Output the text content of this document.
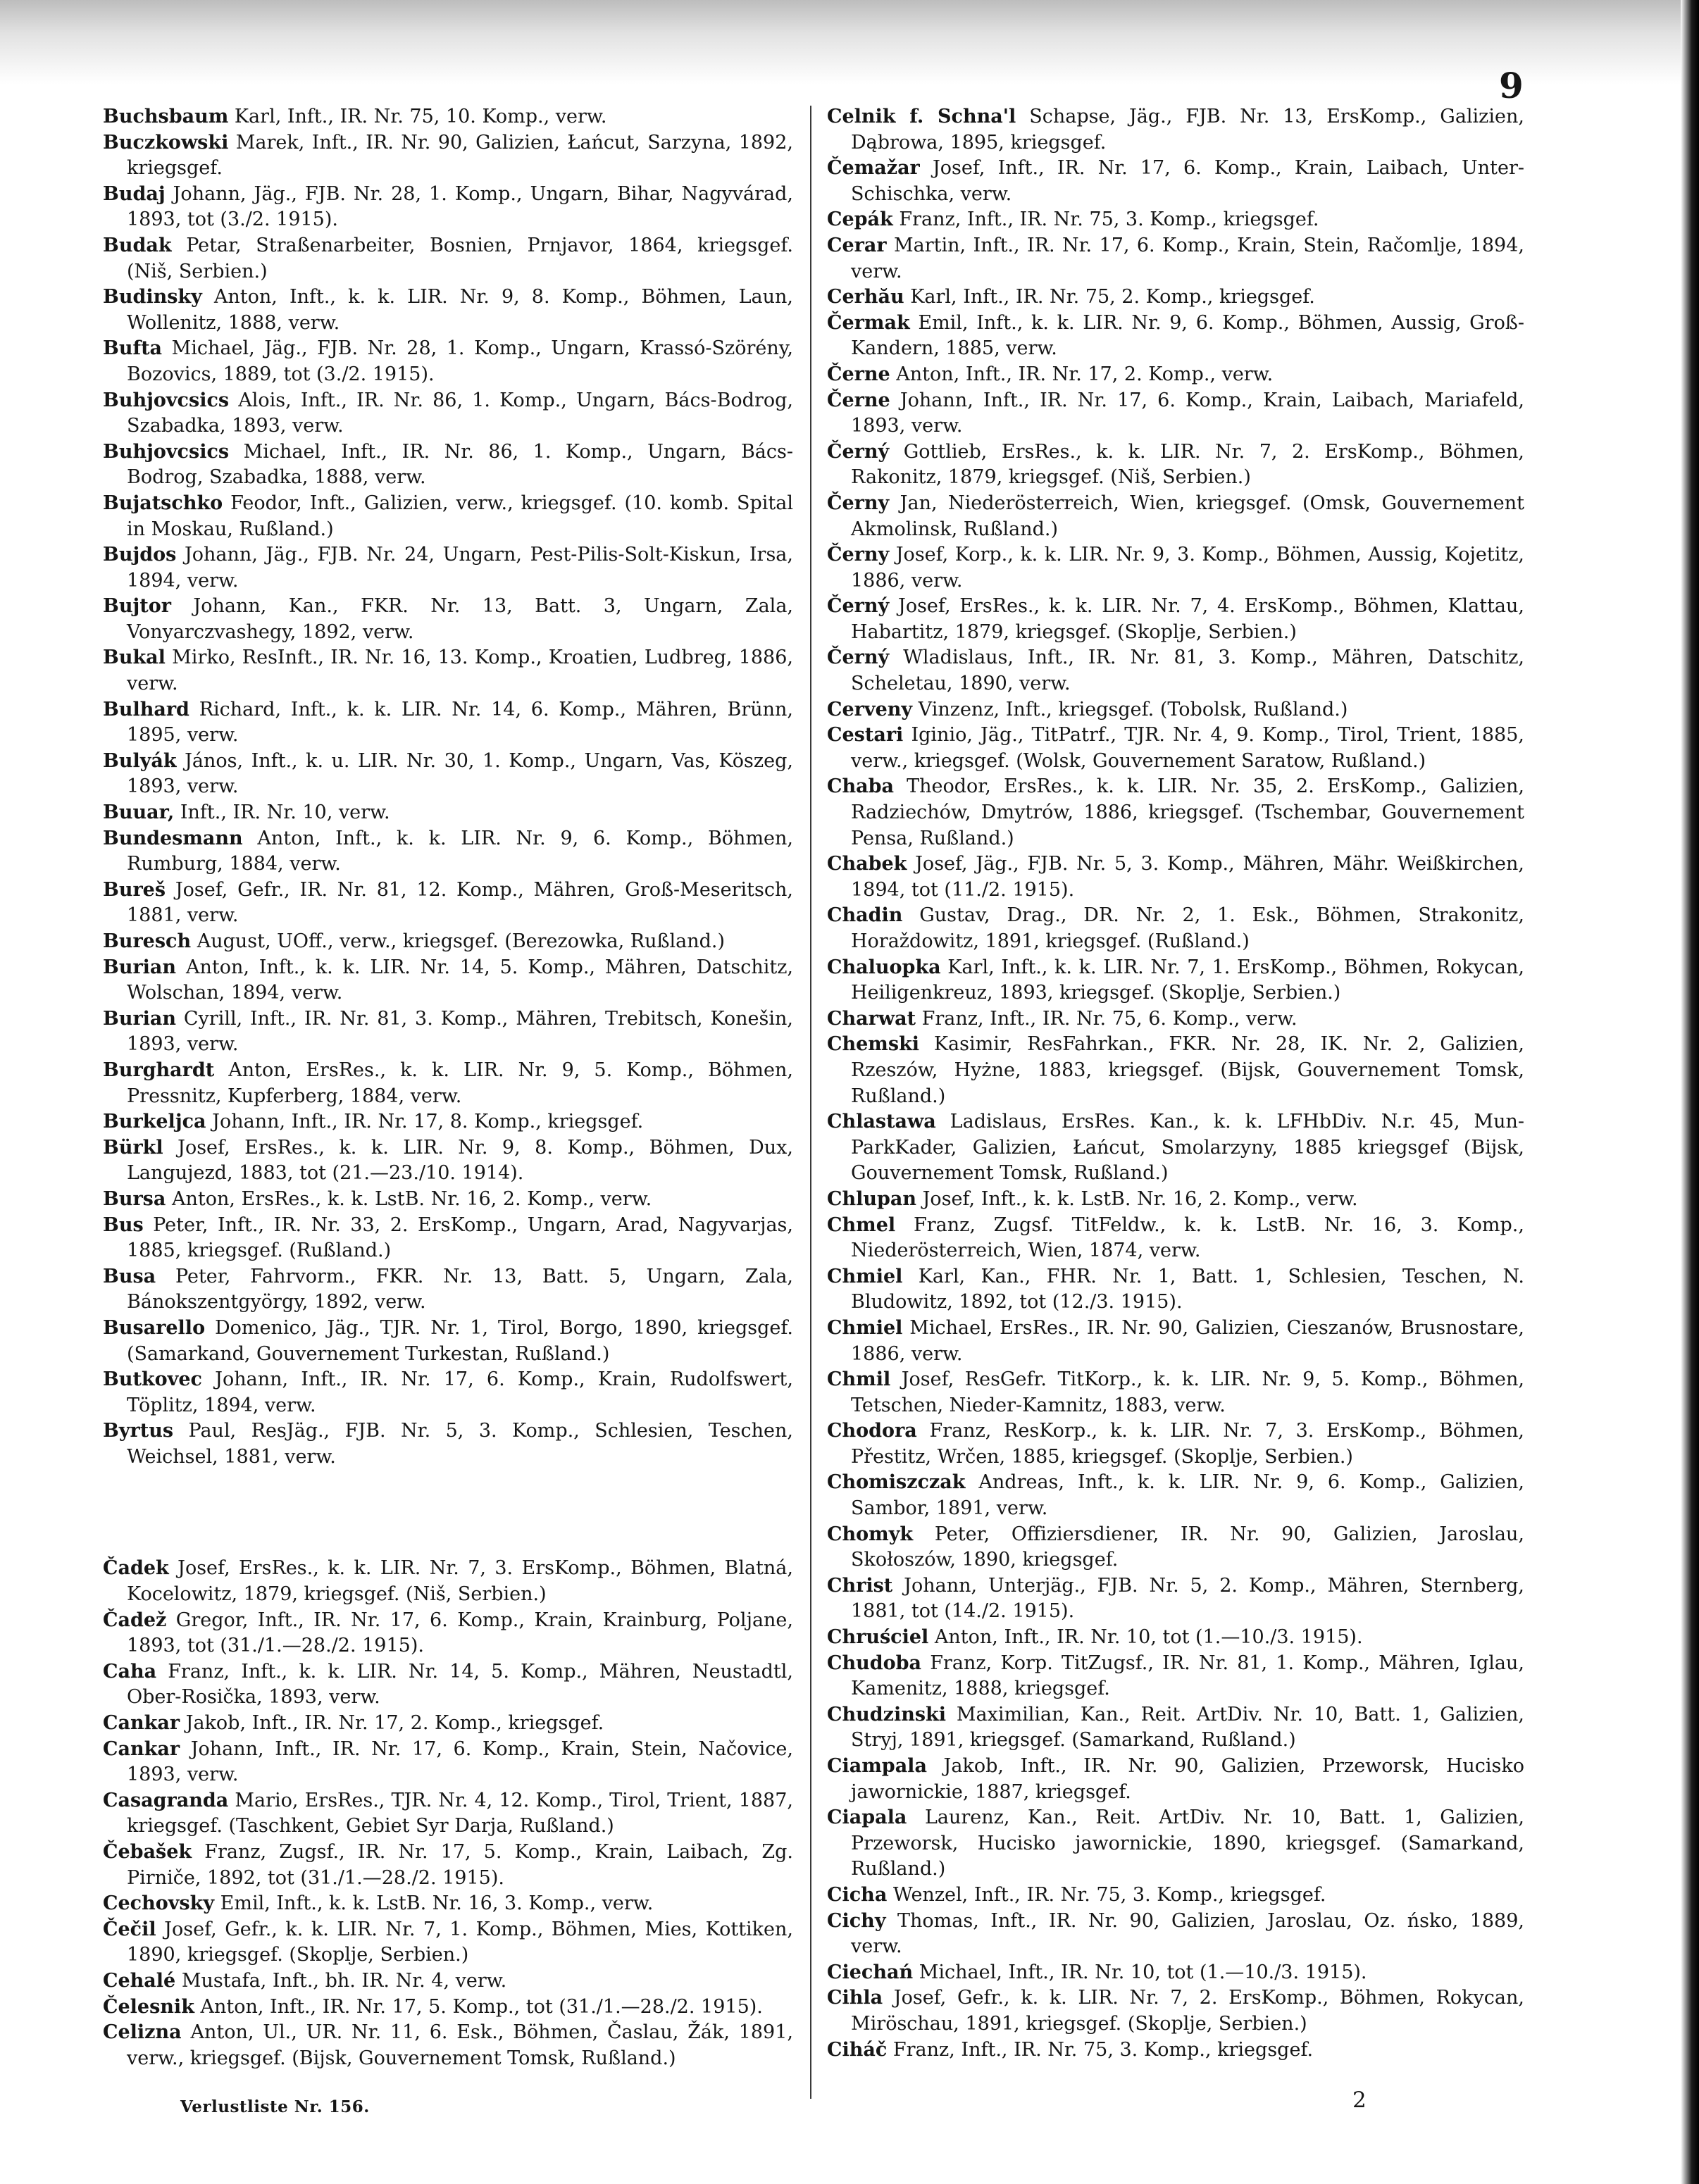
9

Buchsbaum Karl, Inft., IR. Nr. 75, 10. Komp., verw.

Buczkowski Marek, Inft., IR. Nr. 90, Galizien, Łańcut, Sarzyna, 1892, kriegsgef.

Budaj Johann, Jäg., FJB. Nr. 28, 1. Komp., Ungarn, Bihar, Nagyvárad, 1893, tot (3./2. 1915).

Budak Petar, Straßenarbeiter, Bosnien, Prnjavor, 1864, kriegsgef. (Niš, Serbien.)

Budinsky Anton, Inft., k. k. LIR. Nr. 9, 8. Komp., Böhmen, Laun, Wollenitz, 1888, verw.

Bufta Michael, Jäg., FJB. Nr. 28, 1. Komp., Ungarn, Krassó-Szörény, Bozovics, 1889, tot (3./2. 1915).

Buhjovcsics Alois, Inft., IR. Nr. 86, 1. Komp., Ungarn, Bács-Bodrog, Szabadka, 1893, verw.

Buhjovcsics Michael, Inft., IR. Nr. 86, 1. Komp., Ungarn, Bács-Bodrog, Szabadka, 1888, verw.

Bujatschko Feodor, Inft., Galizien, verw., kriegsgef. (10. komb. Spital in Moskau, Rußland.)

Bujdos Johann, Jäg., FJB. Nr. 24, Ungarn, Pest-Pilis-Solt-Kiskun, Irsa, 1894, verw.

Bujtor Johann, Kan., FKR. Nr. 13, Batt. 3, Ungarn, Zala, Vonyarczvashegy, 1892, verw.

Bukal Mirko, ResInft., IR. Nr. 16, 13. Komp., Kroatien, Ludbreg, 1886, verw.

Bulhard Richard, Inft., k. k. LIR. Nr. 14, 6. Komp., Mähren, Brünn, 1895, verw.

Bulyák János, Inft., k. u. LIR. Nr. 30, 1. Komp., Ungarn, Vas, Köszeg, 1893, verw.

Buuar, Inft., IR. Nr. 10, verw.

Bundesmann Anton, Inft., k. k. LIR. Nr. 9, 6. Komp., Böhmen, Rumburg, 1884, verw.

Bureš Josef, Gefr., IR. Nr. 81, 12. Komp., Mähren, Groß-Meseritsch, 1881, verw.

Buresch August, UOff., verw., kriegsgef. (Berezowka, Rußland.)

Burian Anton, Inft., k. k. LIR. Nr. 14, 5. Komp., Mähren, Datschitz, Wolschan, 1894, verw.

Burian Cyrill, Inft., IR. Nr. 81, 3. Komp., Mähren, Trebitsch, Konešin, 1893, verw.

Burghardt Anton, ErsRes., k. k. LIR. Nr. 9, 5. Komp., Böhmen, Pressnitz, Kupferberg, 1884, verw.

Burkeljca Johann, Inft., IR. Nr. 17, 8. Komp., kriegsgef.

Bürkl Josef, ErsRes., k. k. LIR. Nr. 9, 8. Komp., Böhmen, Dux, Langujezd, 1883, tot (21.—23./10. 1914).

Bursa Anton, ErsRes., k. k. LstB. Nr. 16, 2. Komp., verw.

Bus Peter, Inft., IR. Nr. 33, 2. ErsKomp., Ungarn, Arad, Nagyvarjas, 1885, kriegsgef. (Rußland.)

Busa Peter, Fahrvorm., FKR. Nr. 13, Batt. 5, Ungarn, Zala, Bánokszentgyörgy, 1892, verw.

Busarello Domenico, Jäg., TJR. Nr. 1, Tirol, Borgo, 1890, kriegsgef. (Samarkand, Gouvernement Turkestan, Rußland.)

Butkovec Johann, Inft., IR. Nr. 17, 6. Komp., Krain, Rudolfswert, Töplitz, 1894, verw.

Byrtus Paul, ResJäg., FJB. Nr. 5, 3. Komp., Schlesien, Teschen, Weichsel, 1881, verw.

Čadek Josef, ErsRes., k. k. LIR. Nr. 7, 3. ErsKomp., Böhmen, Blatná, Kocelowitz, 1879, kriegsgef. (Niš, Serbien.)

Čadež Gregor, Inft., IR. Nr. 17, 6. Komp., Krain, Krainburg, Poljane, 1893, tot (31./1.—28./2. 1915).

Caha Franz, Inft., k. k. LIR. Nr. 14, 5. Komp., Mähren, Neustadtl, Ober-Rosička, 1893, verw.

Cankar Jakob, Inft., IR. Nr. 17, 2. Komp., kriegsgef.

Cankar Johann, Inft., IR. Nr. 17, 6. Komp., Krain, Stein, Načovice, 1893, verw.

Casagranda Mario, ErsRes., TJR. Nr. 4, 12. Komp., Tirol, Trient, 1887, kriegsgef. (Taschkent, Gebiet Syr Darja, Rußland.)

Čebašek Franz, Zugsf., IR. Nr. 17, 5. Komp., Krain, Laibach, Zg. Pirniče, 1892, tot (31./1.—28./2. 1915).

Cechovsky Emil, Inft., k. k. LstB. Nr. 16, 3. Komp., verw.

Čečil Josef, Gefr., k. k. LIR. Nr. 7, 1. Komp., Böhmen, Mies, Kottiken, 1890, kriegsgef. (Skoplje, Serbien.)

Cehalé Mustafa, Inft., bh. IR. Nr. 4, verw.

Čelesnik Anton, Inft., IR. Nr. 17, 5. Komp., tot (31./1.—28./2. 1915).

Celizna Anton, Ul., UR. Nr. 11, 6. Esk., Böhmen, Časlau, Žák, 1891, verw., kriegsgef. (Bijsk, Gouvernement Tomsk, Rußland.)

Celnik f. Schna'l Schapse, Jäg., FJB. Nr. 13, ErsKomp., Galizien, Dąbrowa, 1895, kriegsgef.

Čemažar Josef, Inft., IR. Nr. 17, 6. Komp., Krain, Laibach, Unter-Schischka, verw.

Cepák Franz, Inft., IR. Nr. 75, 3. Komp., kriegsgef.

Cerar Martin, Inft., IR. Nr. 17, 6. Komp., Krain, Stein, Račomlje, 1894, verw.

Cerhău Karl, Inft., IR. Nr. 75, 2. Komp., kriegsgef.

Čermak Emil, Inft., k. k. LIR. Nr. 9, 6. Komp., Böhmen, Aussig, Groß-Kandern, 1885, verw.

Černe Anton, Inft., IR. Nr. 17, 2. Komp., verw.

Černe Johann, Inft., IR. Nr. 17, 6. Komp., Krain, Laibach, Mariafeld, 1893, verw.

Černý Gottlieb, ErsRes., k. k. LIR. Nr. 7, 2. ErsKomp., Böhmen, Rakonitz, 1879, kriegsgef. (Niš, Serbien.)

Černy Jan, Niederösterreich, Wien, kriegsgef. (Omsk, Gouvernement Akmolinsk, Rußland.)

Černy Josef, Korp., k. k. LIR. Nr. 9, 3. Komp., Böhmen, Aussig, Kojetitz, 1886, verw.

Černý Josef, ErsRes., k. k. LIR. Nr. 7, 4. ErsKomp., Böhmen, Klattau, Habartitz, 1879, kriegsgef. (Skoplje, Serbien.)

Černý Wladislaus, Inft., IR. Nr. 81, 3. Komp., Mähren, Datschitz, Scheletau, 1890, verw.

Cerveny Vinzenz, Inft., kriegsgef. (Tobolsk, Rußland.)

Cestari Iginio, Jäg., TitPatrf., TJR. Nr. 4, 9. Komp., Tirol, Trient, 1885, verw., kriegsgef. (Wolsk, Gouvernement Saratow, Rußland.)

Chaba Theodor, ErsRes., k. k. LIR. Nr. 35, 2. ErsKomp., Galizien, Radziechów, Dmytrów, 1886, kriegsgef. (Tschembar, Gouvernement Pensa, Rußland.)

Chabek Josef, Jäg., FJB. Nr. 5, 3. Komp., Mähren, Mähr. Weißkirchen, 1894, tot (11./2. 1915).

Chadin Gustav, Drag., DR. Nr. 2, 1. Esk., Böhmen, Strakonitz, Horaždowitz, 1891, kriegsgef. (Rußland.)

Chaluopka Karl, Inft., k. k. LIR. Nr. 7, 1. ErsKomp., Böhmen, Rokycan, Heiligenkreuz, 1893, kriegsgef. (Skoplje, Serbien.)

Charwat Franz, Inft., IR. Nr. 75, 6. Komp., verw.

Chemski Kasimir, ResFahrkan., FKR. Nr. 28, IK. Nr. 2, Galizien, Rzeszów, Hyżne, 1883, kriegsgef. (Bijsk, Gouvernement Tomsk, Rußland.)

Chlastawa Ladislaus, ErsRes. Kan., k. k. LFHbDiv. N.r. 45, Mun-ParkKader, Galizien, Łańcut, Smolarzyny, 1885 kriegsgef (Bijsk, Gouvernement Tomsk, Rußland.)

Chlupan Josef, Inft., k. k. LstB. Nr. 16, 2. Komp., verw.

Chmel Franz, Zugsf. TitFeldw., k. k. LstB. Nr. 16, 3. Komp., Niederösterreich, Wien, 1874, verw.

Chmiel Karl, Kan., FHR. Nr. 1, Batt. 1, Schlesien, Teschen, N. Bludowitz, 1892, tot (12./3. 1915).

Chmiel Michael, ErsRes., IR. Nr. 90, Galizien, Cieszanów, Brusnostare, 1886, verw.

Chmil Josef, ResGefr. TitKorp., k. k. LIR. Nr. 9, 5. Komp., Böhmen, Tetschen, Nieder-Kamnitz, 1883, verw.

Chodora Franz, ResKorp., k. k. LIR. Nr. 7, 3. ErsKomp., Böhmen, Přestitz, Wrčen, 1885, kriegsgef. (Skoplje, Serbien.)

Chomiszczak Andreas, Inft., k. k. LIR. Nr. 9, 6. Komp., Galizien, Sambor, 1891, verw.

Chomyk Peter, Offiziersdiener, IR. Nr. 90, Galizien, Jaroslau, Skołoszów, 1890, kriegsgef.

Christ Johann, Unterjäg., FJB. Nr. 5, 2. Komp., Mähren, Sternberg, 1881, tot (14./2. 1915).

Chruściel Anton, Inft., IR. Nr. 10, tot (1.—10./3. 1915).

Chudoba Franz, Korp. TitZugsf., IR. Nr. 81, 1. Komp., Mähren, Iglau, Kamenitz, 1888, kriegsgef.

Chudzinski Maximilian, Kan., Reit. ArtDiv. Nr. 10, Batt. 1, Galizien, Stryj, 1891, kriegsgef. (Samarkand, Rußland.)

Ciampala Jakob, Inft., IR. Nr. 90, Galizien, Przeworsk, Hucisko jawornickie, 1887, kriegsgef.

Ciapala Laurenz, Kan., Reit. ArtDiv. Nr. 10, Batt. 1, Galizien, Przeworsk, Hucisko jawornickie, 1890, kriegsgef. (Samarkand, Rußland.)

Cicha Wenzel, Inft., IR. Nr. 75, 3. Komp., kriegsgef.

Cichy Thomas, Inft., IR. Nr. 90, Galizien, Jaroslau, Oz. ńsko, 1889, verw.

Ciechań Michael, Inft., IR. Nr. 10, tot (1.—10./3. 1915).

Cihla Josef, Gefr., k. k. LIR. Nr. 7, 2. ErsKomp., Böhmen, Rokycan, Miröschau, 1891, kriegsgef. (Skoplje, Serbien.)

Ciháč Franz, Inft., IR. Nr. 75, 3. Komp., kriegsgef.

Verlustliste Nr. 156.	2
